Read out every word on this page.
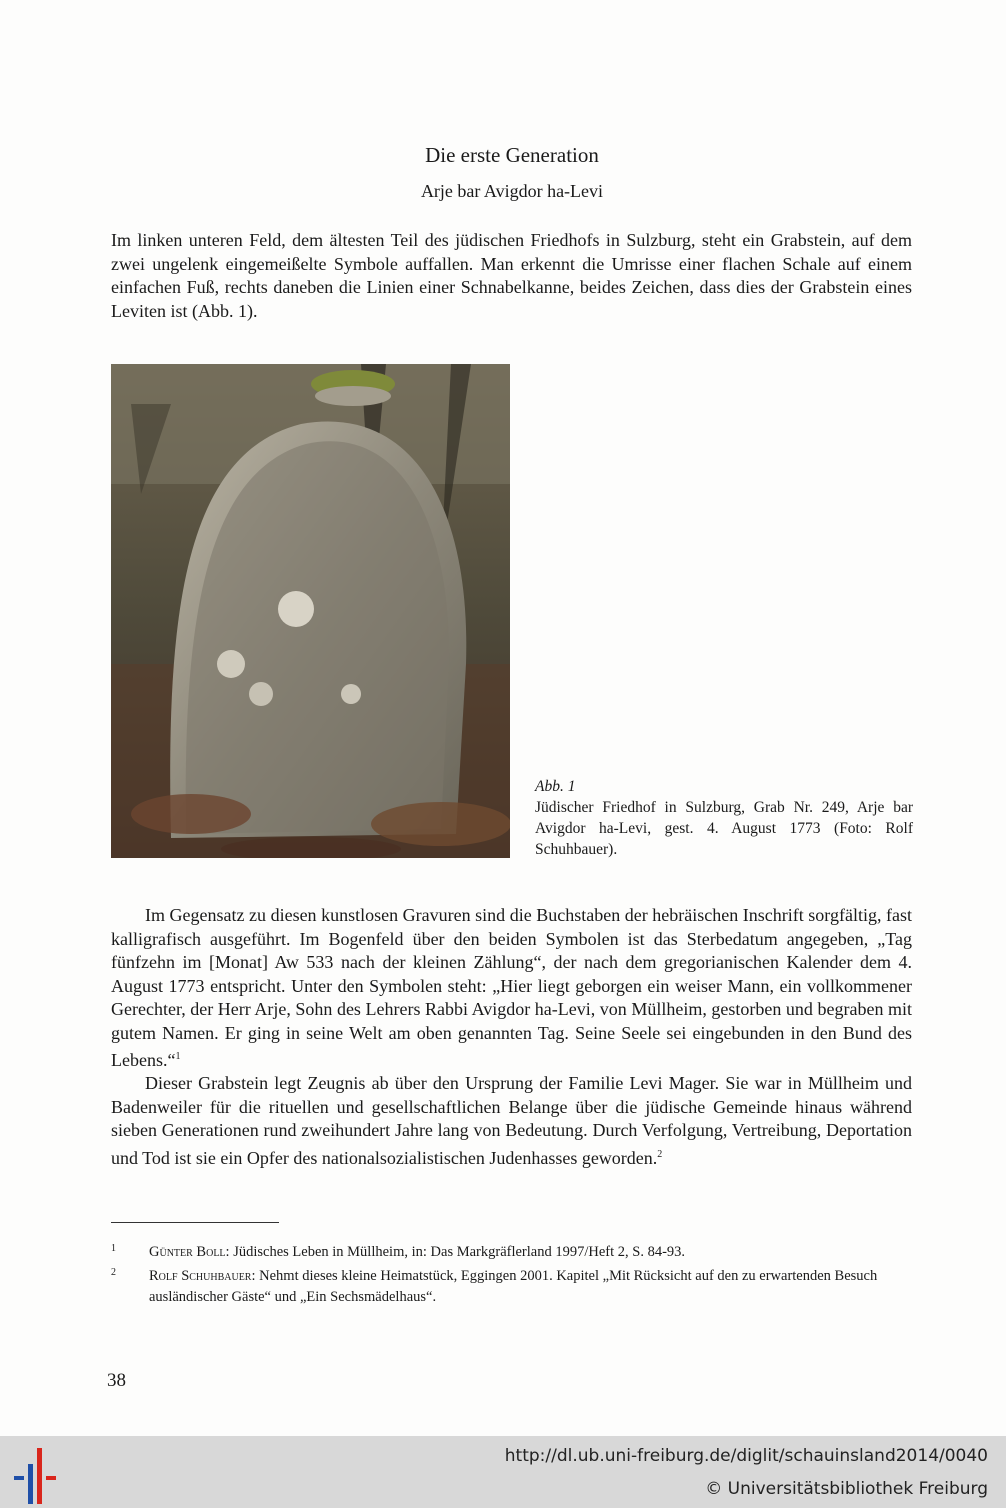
Die erste Generation
Arje bar Avigdor ha-Levi

Im linken unteren Feld, dem ältesten Teil des jüdischen Friedhofs in Sulzburg, steht ein Grabstein, auf dem zwei ungelenk eingemeißelte Symbole auffallen. Man erkennt die Umrisse einer flachen Schale auf einem einfachen Fuß, rechts daneben die Linien einer Schnabelkanne, beides Zeichen, dass dies der Grabstein eines Leviten ist (Abb. 1).

Abb. 1
Jüdischer Friedhof in Sulzburg, Grab Nr. 249, Arje bar Avigdor ha-Levi, gest. 4. August 1773 (Foto: Rolf Schuhbauer).

Im Gegensatz zu diesen kunstlosen Gravuren sind die Buchstaben der hebräischen Inschrift sorgfältig, fast kalligrafisch ausgeführt. Im Bogenfeld über den beiden Symbolen ist das Sterbedatum angegeben, „Tag fünfzehn im [Monat] Aw 533 nach der kleinen Zählung“, der nach dem gregorianischen Kalender dem 4. August 1773 entspricht. Unter den Symbolen steht: „Hier liegt geborgen ein weiser Mann, ein vollkommener Gerechter, der Herr Arje, Sohn des Lehrers Rabbi Avigdor ha-Levi, von Müllheim, gestorben und begraben mit gutem Namen. Er ging in seine Welt am oben genannten Tag. Seine Seele sei eingebunden in den Bund des Lebens.“$^1$

Dieser Grabstein legt Zeugnis ab über den Ursprung der Familie Levi Mager. Sie war in Müllheim und Badenweiler für die rituellen und gesellschaftlichen Belange über die jüdische Gemeinde hinaus während sieben Generationen rund zweihundert Jahre lang von Bedeutung. Durch Verfolgung, Vertreibung, Deportation und Tod ist sie ein Opfer des nationalsozialistischen Judenhasses geworden.$^2$

1 Günter Boll: Jüdisches Leben in Müllheim, in: Das Markgräflerland 1997/Heft 2, S. 84-93.
2 Rolf Schuhbauer: Nehmt dieses kleine Heimatstück, Eggingen 2001. Kapitel „Mit Rücksicht auf den zu erwartenden Besuch ausländischer Gäste“ und „Ein Sechsmädelhaus“.
38
http://dl.ub.uni-freiburg.de/diglit/schauinsland2014/0040
© Universitätsbibliothek Freiburg
